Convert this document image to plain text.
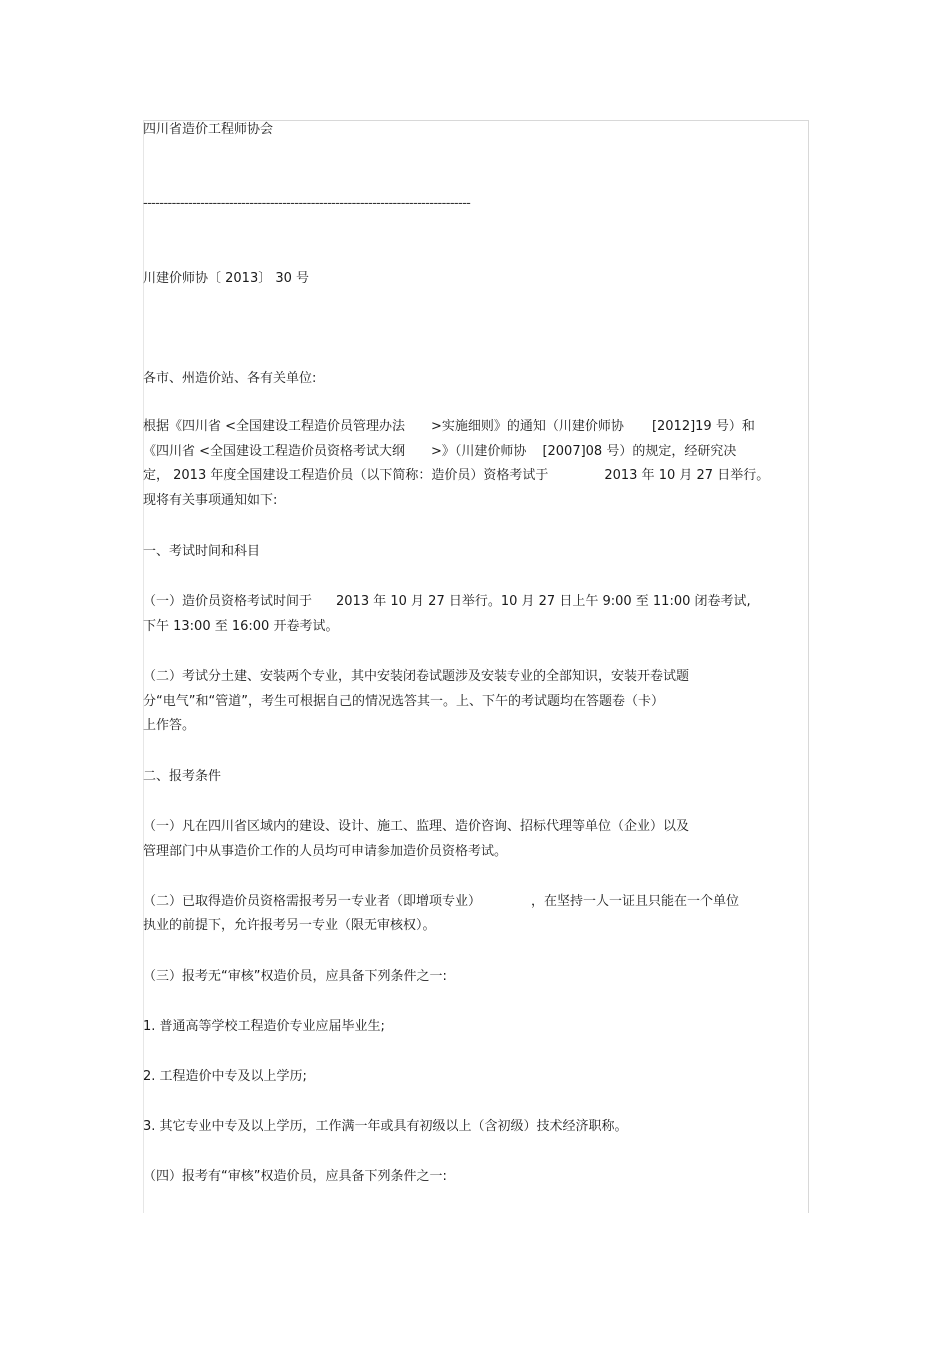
四川省造价工程师协会
--------------------------------------------------------------------------------
川建价师协〔 2013〕 30 号
各市、州造价站、各有关单位:
根据《四川省 <全国建设工程造价员管理办法 >实施细则》的通知（川建价师协 [2012]19 号）和
《四川省 <全国建设工程造价员资格考试大纲 >》（川建价师协 [2007]08 号）的规定，经研究决
定， 2013 年度全国建设工程造价员（以下简称：造价员）资格考试于	2013 年 10 月 27 日举行。
现将有关事项通知如下:
一、考试时间和科目
（一）造价员资格考试时间于 2013 年 10 月 27 日举行。10 月 27 日上午 9:00 至 11:00 闭卷考试,
下午 13:00 至 16:00 开卷考试。
（二）考试分土建、安装两个专业，其中安装闭卷试题涉及安装专业的全部知识，安装开卷试题
分“电气”和“管道”，考生可根据自己的情况选答其一。上、下午的考试题均在答题卷（卡）
上作答。
二、报考条件
（一）凡在四川省区域内的建设、设计、施工、监理、造价咨询、招标代理等单位（企业）以及
管理部门中从事造价工作的人员均可申请参加造价员资格考试。
（二）已取得造价员资格需报考另一专业者（即增项专业）	，在坚持一人一证且只能在一个单位
执业的前提下，允许报考另一专业（限无审核权）。
（三）报考无“审核”权造价员，应具备下列条件之一:
1. 普通高等学校工程造价专业应届毕业生;
2. 工程造价中专及以上学历;
3. 其它专业中专及以上学历，工作满一年或具有初级以上（含初级）技术经济职称。
（四）报考有“审核”权造价员，应具备下列条件之一:
